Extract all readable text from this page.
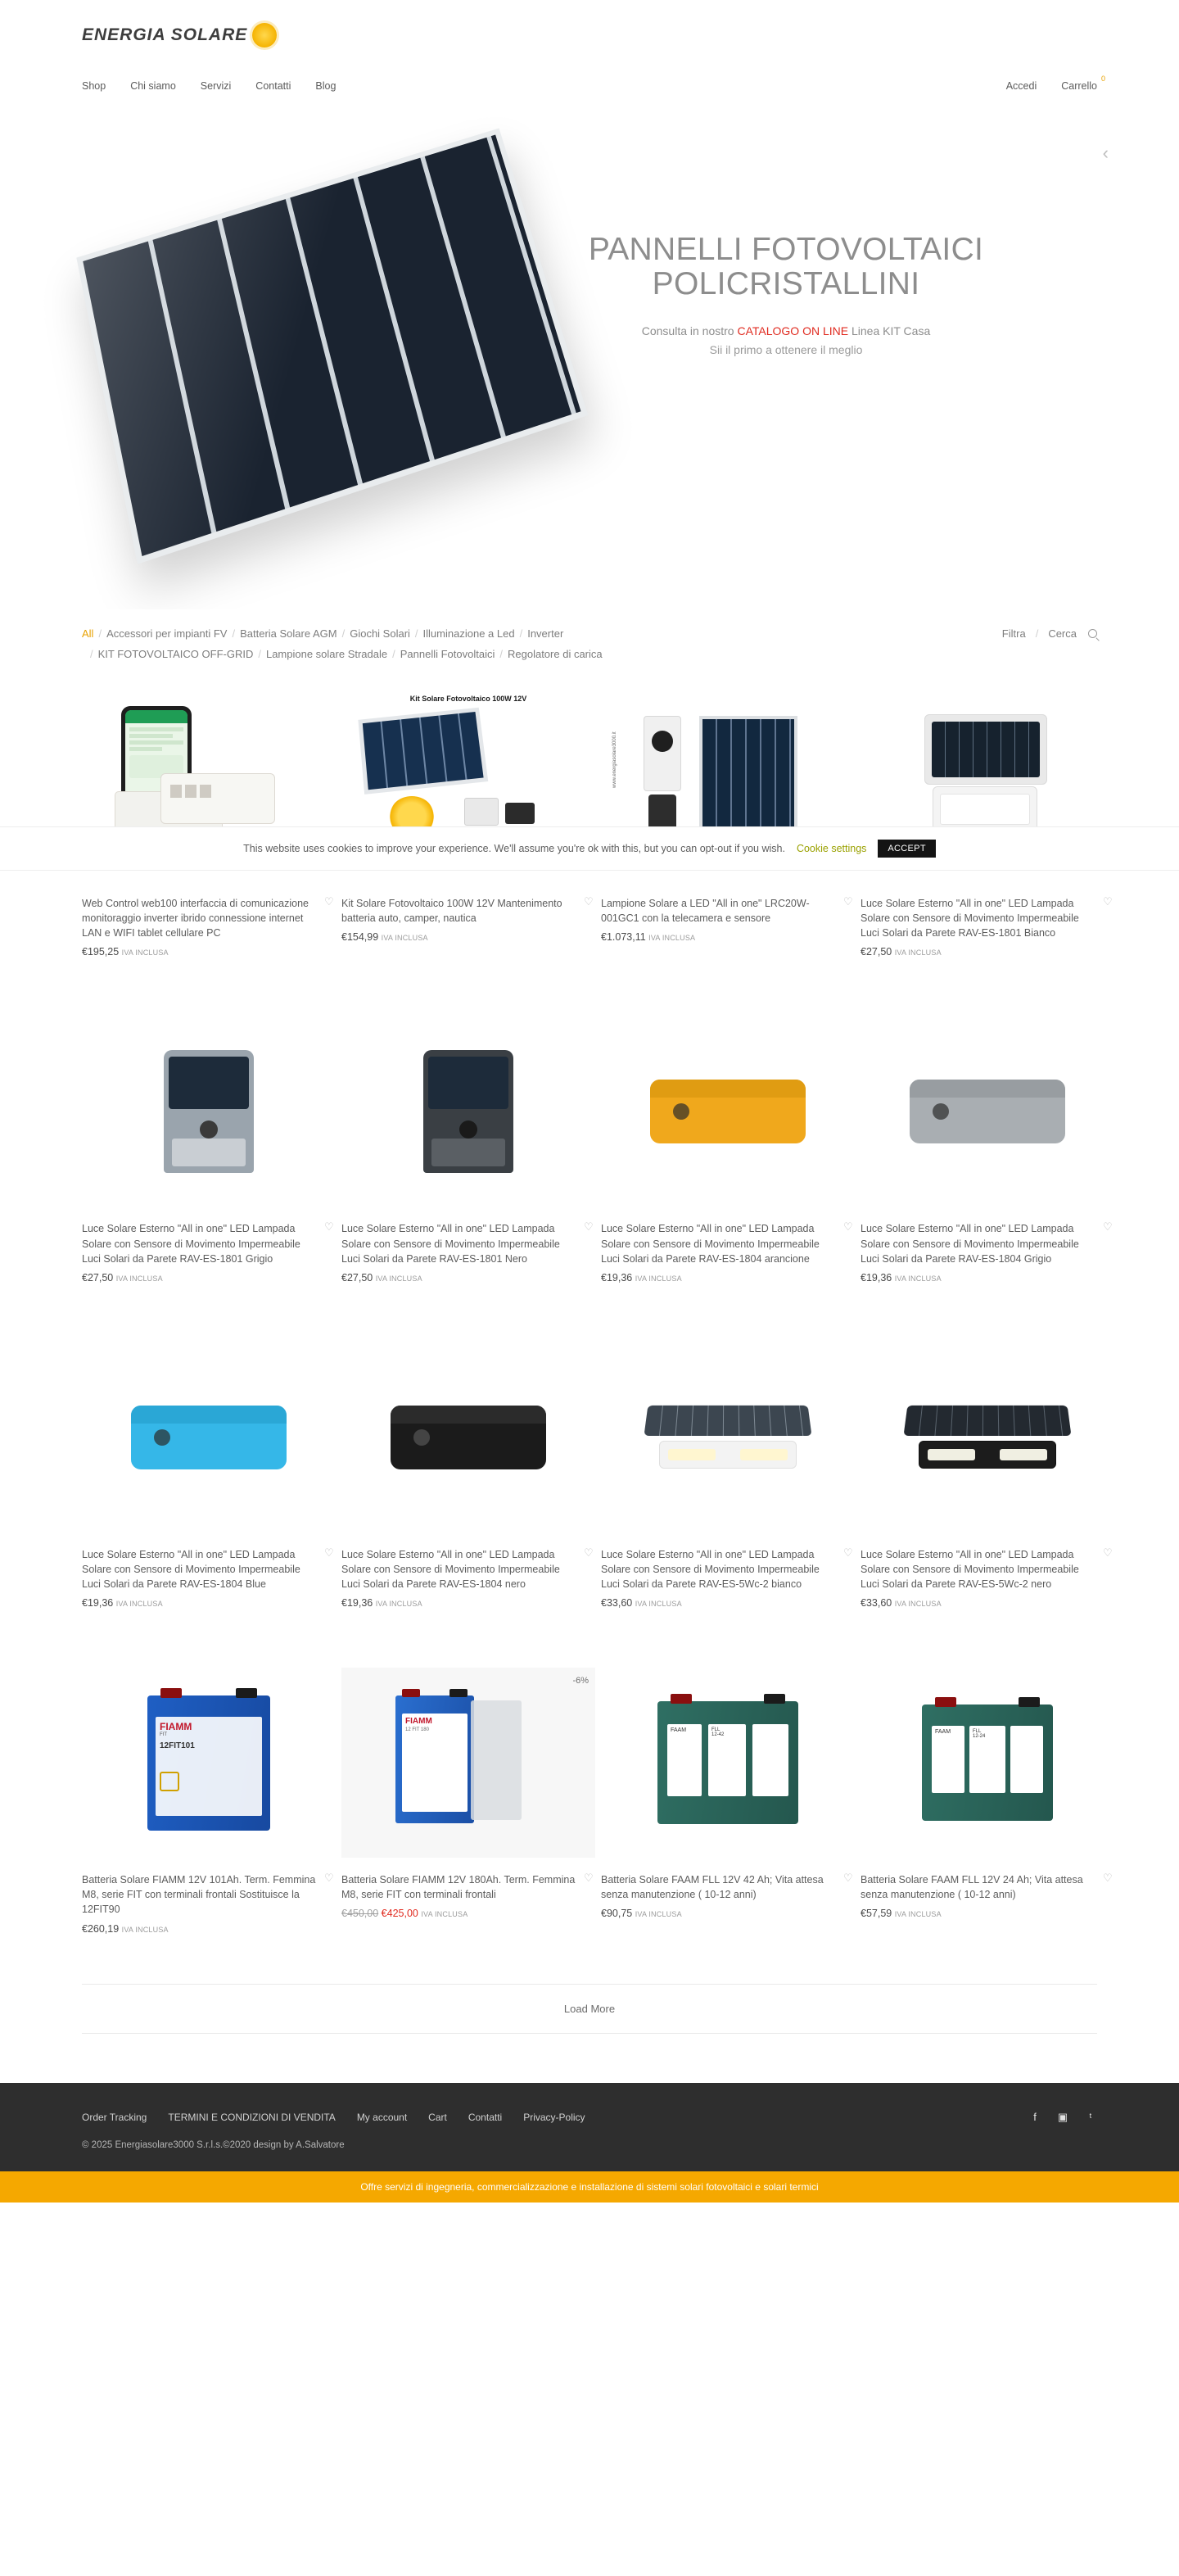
ENERGIA SOLARE
Shop Chi siamo Servizi Contatti Blog	Accedi Carrello
0
‹
PANNELLI FOTOVOLTAICI
POLICRISTALLINI
Consulta in nostro CATALOGO ON LINE Linea KIT Casa
Sii il primo a ottenere il meglio
All / Accessori per impianti FV / Batteria Solare AGM / Giochi Solari / Illuminazione a Led / Inverter	Filtra / Cerca
/ KIT FOTOVOLTAICO OFF-GRID / Lampione solare Stradale / Pannelli Fotovoltaici / Regolatore di carica
Web Control web100 interfaccia di comunicazione monitoraggio inverter ibrido connessione internet LAN e WIFI tablet cellulare PC
♡
€195,25 IVA INCLUSA
Kit Solare Fotovoltaico 100W 12V
Kit Solare Fotovoltaico 100W 12V Mantenimento batteria auto, camper, nautica
♡
€154,99 IVA INCLUSA
www.energiasolare3000.it
Lampione Solare a LED "All in one" LRC20W-001GC1 con la telecamera e sensore
♡
€1.073,11 IVA INCLUSA
Luce Solare Esterno "All in one" LED Lampada Solare con Sensore di Movimento Impermeabile Luci Solari da Parete RAV-ES-1801 Bianco
♡
€27,50 IVA INCLUSA
Luce Solare Esterno "All in one" LED Lampada Solare con Sensore di Movimento Impermeabile Luci Solari da Parete RAV-ES-1801 Grigio
♡
€27,50 IVA INCLUSA
Luce Solare Esterno "All in one" LED Lampada Solare con Sensore di Movimento Impermeabile Luci Solari da Parete RAV-ES-1801 Nero
♡
€27,50 IVA INCLUSA
Luce Solare Esterno "All in one" LED Lampada Solare con Sensore di Movimento Impermeabile Luci Solari da Parete RAV-ES-1804 arancione
♡
€19,36 IVA INCLUSA
Luce Solare Esterno "All in one" LED Lampada Solare con Sensore di Movimento Impermeabile Luci Solari da Parete RAV-ES-1804 Grigio
♡
€19,36 IVA INCLUSA
Luce Solare Esterno "All in one" LED Lampada Solare con Sensore di Movimento Impermeabile Luci Solari da Parete RAV-ES-1804 Blue
♡
€19,36 IVA INCLUSA
Luce Solare Esterno "All in one" LED Lampada Solare con Sensore di Movimento Impermeabile Luci Solari da Parete RAV-ES-1804 nero
♡
€19,36 IVA INCLUSA
Luce Solare Esterno "All in one" LED Lampada Solare con Sensore di Movimento Impermeabile Luci Solari da Parete RAV-ES-5Wc-2 bianco
♡
€33,60 IVA INCLUSA
Luce Solare Esterno "All in one" LED Lampada Solare con Sensore di Movimento Impermeabile Luci Solari da Parete RAV-ES-5Wc-2 nero
♡
€33,60 IVA INCLUSA
FIAMM
FIT
12FIT101
Batteria Solare FIAMM 12V 101Ah. Term. Femmina M8, serie FIT con terminali frontali Sostituisce la 12FIT90
♡
€260,19 IVA INCLUSA
-6%
FIAMM
12 FIT 180
Batteria Solare FIAMM 12V 180Ah. Term. Femmina M8, serie FIT con terminali frontali
♡
€450,00 €425,00 IVA INCLUSA
FAAM	FLL
12-42
Batteria Solare FAAM FLL 12V 42 Ah; Vita attesa senza manutenzione ( 10-12 anni)
♡
€90,75 IVA INCLUSA
FAAM	FLL
12-24
Batteria Solare FAAM FLL 12V 24 Ah; Vita attesa senza manutenzione ( 10-12 anni)
♡
€57,59 IVA INCLUSA
Load More
Order Tracking TERMINI E CONDIZIONI DI VENDITA My account Cart Contatti Privacy-Policy	f	▣	ᵗ
© 2025 Energiasolare3000 S.r.l.s.©2020 design by A.Salvatore
Offre servizi di ingegneria, commercializzazione e installazione di sistemi solari fotovoltaici e solari termici
This website uses cookies to improve your experience. We'll assume you're ok with this, but you can opt-out if you wish. Cookie settings	ACCEPT
